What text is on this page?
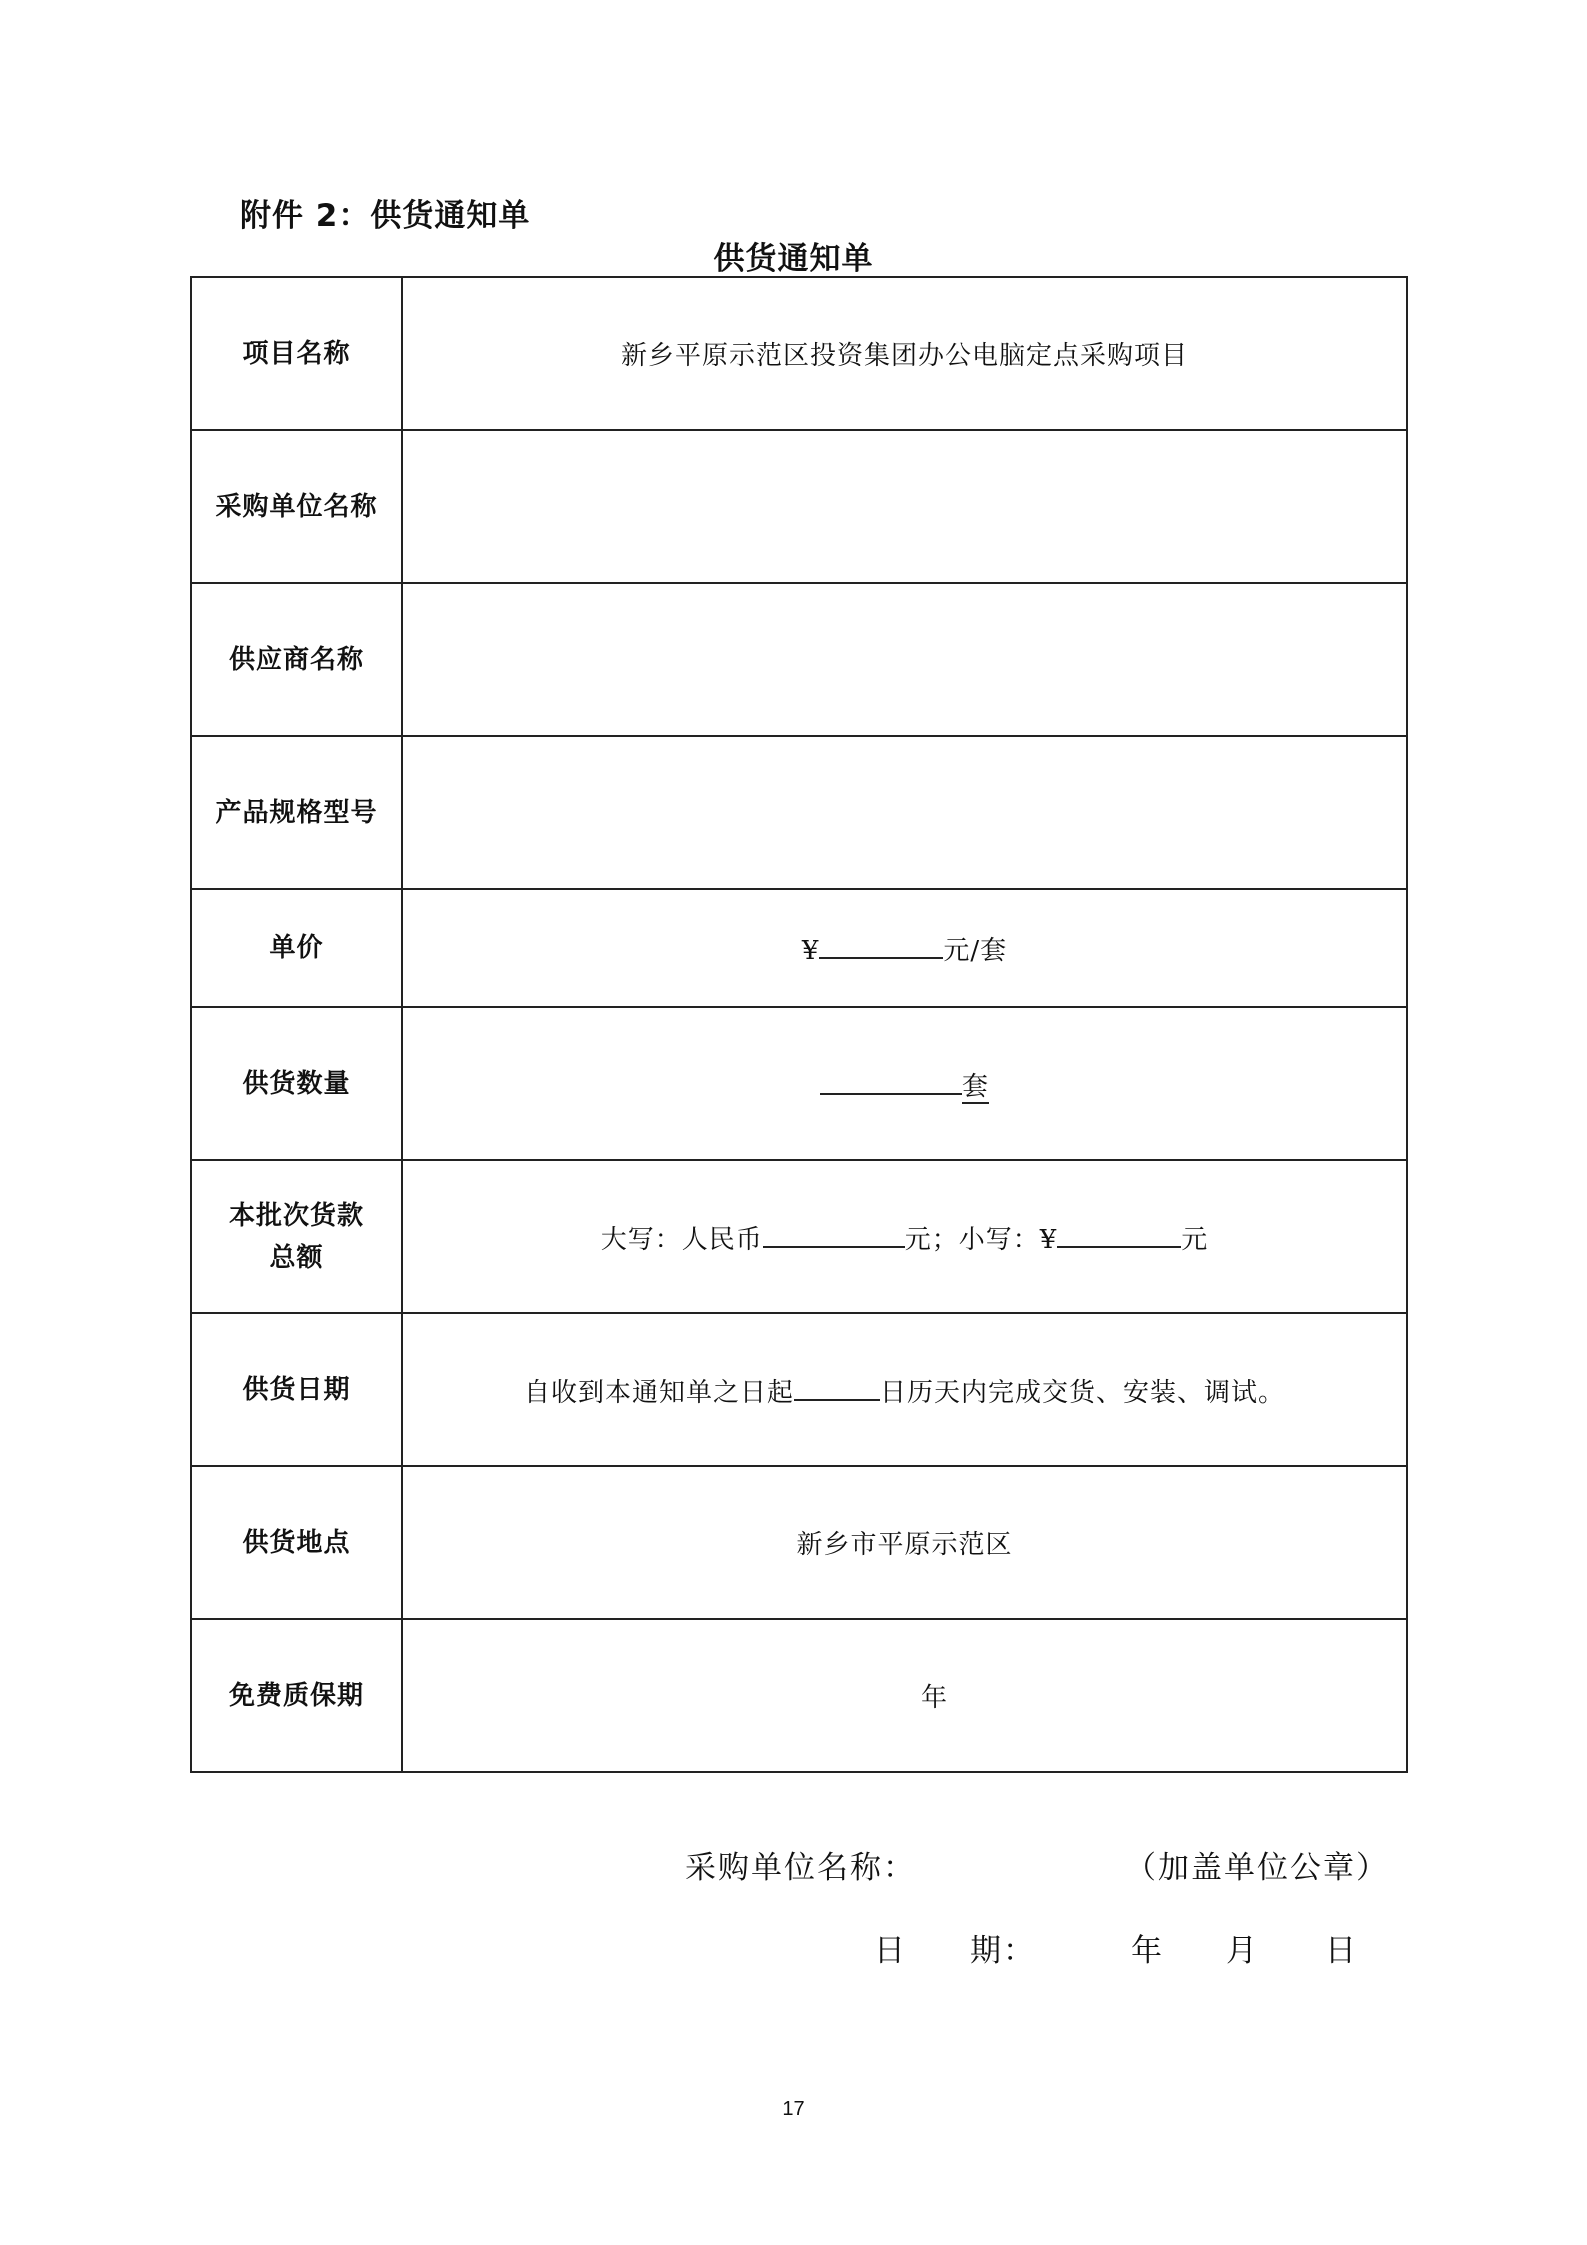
附件 2：供货通知单
供货通知单
项目名称	新乡平原示范区投资集团办公电脑定点采购项目
采购单位名称	
供应商名称	
产品规格型号	
单价	¥ 元/套
供货数量	套

本批次货款
总额	大写：人民币 元；小写：¥ 元
供货日期	自收到本通知单之日起 日历天内完成交货、安装、调试。
供货地点	新乡市平原示范区
免费质保期	年
采购单位名称：	（加盖单位公章）
日 期：	年 月 日
17
